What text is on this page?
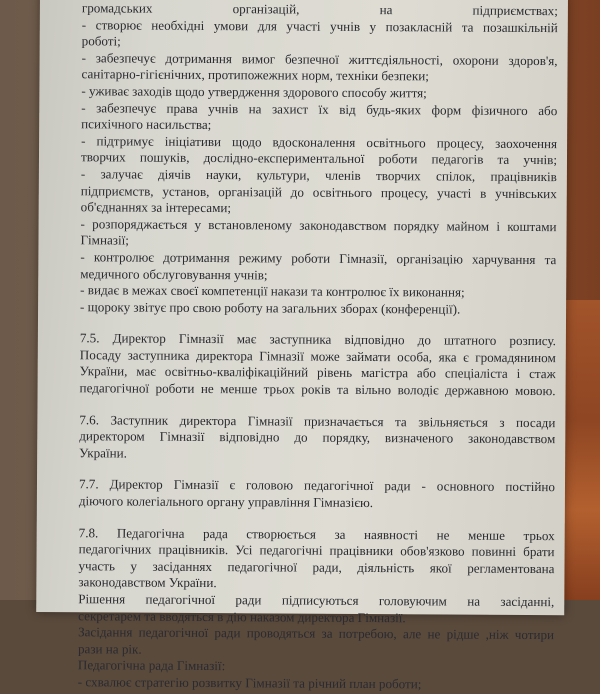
громадських організацій, на підприємствах;
- створює необхідні умови для участі учнів у позакласній та позашкільній
роботі;
- забезпечує дотримання вимог безпечної життєдіяльності, охорони здоров'я,
санітарно-гігієнічних, протипожежних норм, техніки безпеки;
- уживає заходів щодо утвердження здорового способу життя;
- забезпечує права учнів на захист їх від будь-яких форм фізичного або
психічного насильства;
- підтримує ініціативи щодо вдосконалення освітнього процесу, заохочення
творчих пошуків, дослідно-експериментальної роботи педагогів та учнів;
- залучає діячів науки, культури, членів творчих спілок, працівників
підприємств, установ, організацій до освітнього процесу, участі в учнівських
об'єднаннях за інтересами;
- розпоряджається у встановленому законодавством порядку майном і коштами
Гімназії;
- контролює дотримання режиму роботи Гімназії, організацію харчування та
медичного обслуговування учнів;
- видає в межах своєї компетенції накази та контролює їх виконання;
- щороку звітує про свою роботу на загальних зборах (конференції).
7.5. Директор Гімназії має заступника відповідно до штатного розпису.
Посаду заступника директора Гімназії може займати особа, яка є громадянином
України, має освітньо-кваліфікаційний рівень магістра або спеціаліста і стаж
педагогічної роботи не менше трьох років та вільно володіє державною мовою.
7.6. Заступник директора Гімназії призначається та звільняється з посади
директором Гімназії відповідно до порядку, визначеного законодавством
України.
7.7. Директор Гімназії є головою педагогічної ради - основного постійно
діючого колегіального органу управління Гімназією.
7.8. Педагогічна рада створюється за наявності не менше трьох
педагогічних працівників. Усі педагогічні працівники обов'язково повинні брати
участь у засіданнях педагогічної ради, діяльність якої регламентована
законодавством України.
Рішення педагогічної ради підписуються головуючим на засіданні,
секретарем та вводяться в дію наказом директора Гімназії.
Засідання педагогічної ради проводяться за потребою, але не рідше ,ніж чотири
рази на рік.
Педагогічна рада Гімназії:
- схвалює стратегію розвитку Гімназії та річний план роботи;
